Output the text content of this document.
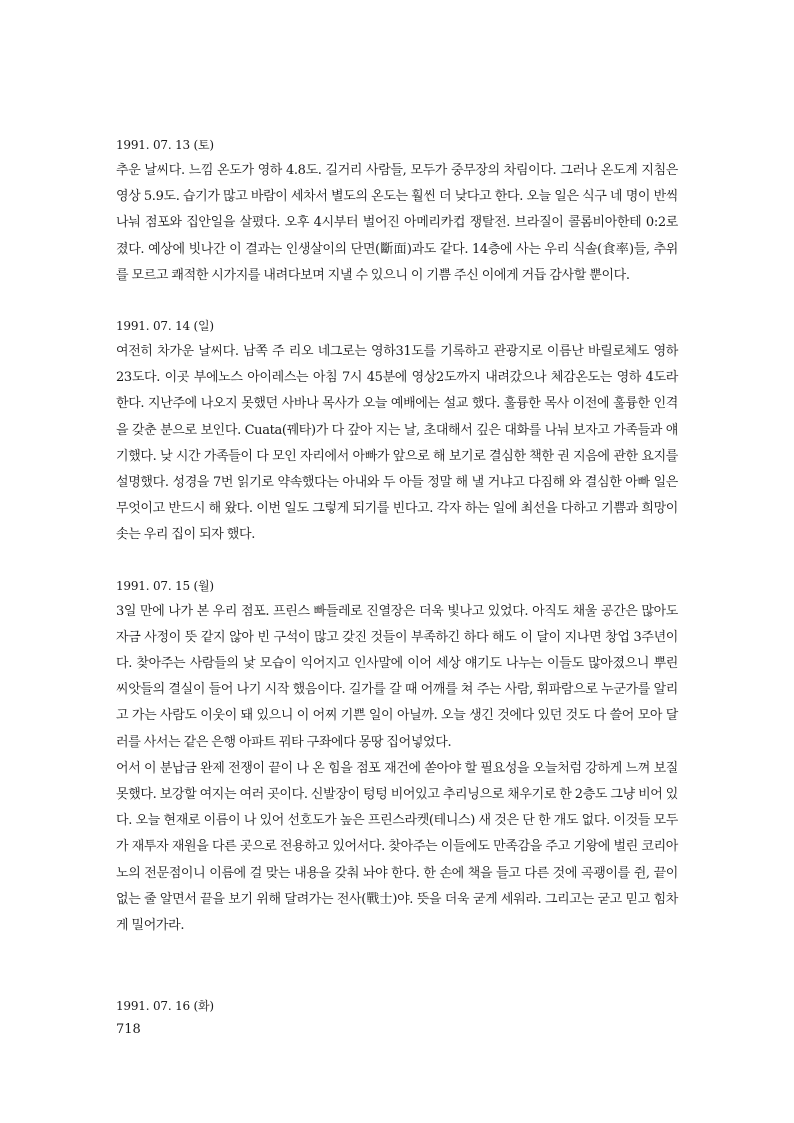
1991. 07. 13 (토)

추운 날씨다. 느낌 온도가 영하 4.8도. 길거리 사람들, 모두가 중무장의 차림이다. 그러나 온도계 지침은 영상 5.9도. 습기가 많고 바람이 세차서 별도의 온도는 훨씬 더 낮다고 한다. 오늘 일은 식구 네 명이 반씩 나눠 점포와 집안일을 살폈다. 오후 4시부터 벌어진 아메리카컵 쟁탈전. 브라질이 콜롬비아한테 0:2로 졌다. 예상에 빗나간 이 결과는 인생살이의 단면(斷面)과도 같다. 14층에 사는 우리 식솔(食率)들, 추위를 모르고 쾌적한 시가지를 내려다보며 지낼 수 있으니 이 기쁨 주신 이에게 거듭 감사할 뿐이다.

1991. 07. 14 (일)

여전히 차가운 날씨다. 남쪽 주 리오 네그로는 영하31도를 기록하고 관광지로 이름난 바릴로체도 영하 23도다. 이곳 부에노스 아이레스는 아침 7시 45분에 영상2도까지 내려갔으나 체감온도는 영하 4도라 한다. 지난주에 나오지 못했던 사바나 목사가 오늘 예배에는 설교 했다. 훌륭한 목사 이전에 훌륭한 인격을 갖춘 분으로 보인다. Cuata(꿰타)가 다 갚아 지는 날, 초대해서 깊은 대화를 나눠 보자고 가족들과 얘기했다. 낮 시간 가족들이 다 모인 자리에서 아빠가 앞으로 해 보기로 결심한 책한 권 지음에 관한 요지를 설명했다. 성경을 7번 읽기로 약속했다는 아내와 두 아들 정말 해 낼 거냐고 다짐해 와 결심한 아빠 일은 무엇이고 반드시 해 왔다. 이번 일도 그렇게 되기를 빈다고. 각자 하는 일에 최선을 다하고 기쁨과 희망이 솟는 우리 집이 되자 했다.

1991. 07. 15 (월)

3일 만에 나가 본 우리 점포. 프린스 빠들레로 진열장은 더욱 빛나고 있었다. 아직도 채울 공간은 많아도 자금 사정이 뜻 같지 않아 빈 구석이 많고 갖진 것들이 부족하긴 하다 해도 이 달이 지나면 창업 3주년이다. 찾아주는 사람들의 낯 모습이 익어지고 인사말에 이어 세상 얘기도 나누는 이들도 많아졌으니 뿌린 씨앗들의 결실이 들어 나기 시작 했음이다. 길가를 갈 때 어깨를 쳐 주는 사람, 휘파람으로 누군가를 알리고 가는 사람도 이웃이 돼 있으니 이 어찌 기쁜 일이 아닐까. 오늘 생긴 것에다 있던 것도 다 쓸어 모아 달러를 사서는 같은 은행 아파트 꿔타 구좌에다 몽땅 집어넣었다.

어서 이 분납금 완제 전쟁이 끝이 나 온 힘을 점포 재건에 쏟아야 할 필요성을 오늘처럼 강하게 느껴 보질 못했다. 보강할 여지는 여러 곳이다. 신발장이 텅텅 비어있고 추리닝으로 채우기로 한 2층도 그냥 비어 있다. 오늘 현재로 이름이 나 있어 선호도가 높은 프린스라켓(테니스) 새 것은 단 한 개도 없다. 이것들 모두가 재투자 재원을 다른 곳으로 전용하고 있어서다. 찾아주는 이들에도 만족감을 주고 기왕에 벌린 코리아노의 전문점이니 이름에 걸 맞는 내용을 갖춰 놔야 한다. 한 손에 책을 들고 다른 것에 곡괭이를 쥔, 끝이 없는 줄 알면서 끝을 보기 위해 달려가는 전사(戰士)야. 뜻을 더욱 굳게 세워라. 그리고는 굳고 믿고 힘차게 밀어가라.

1991. 07. 16 (화)
718
